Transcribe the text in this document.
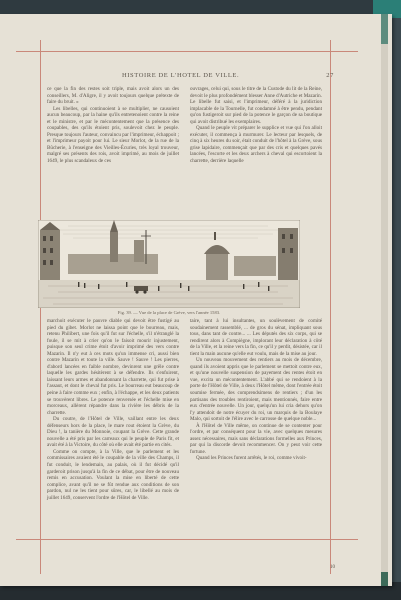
HISTOIRE DE L'HOTEL DE VILLE.	27

ce que la fin des restes soit triple, mais avoit alors un des conseillers, M. d'Aligre, il y avoit toujours quelque prétexte de faire du bruit. »

Les libelles, qui continuoient à se multiplier, ne causoient aucun beaucoup, par la haine qu'ils entretenoient contre la reine et le ministre, et par le mécontentement que la présence des coupables, des qu'ils étoient pris, soulevoit chez le peuple. Presque toujours l'auteur, convaincu par l'imprimeur, échappoit ; et l'imprimeur payoit pour lui. Le sieur Morlot, de la rue de la Bûcherie, à l'enseigne des Vieilles-Écuries, très loyal trouveur, malgré ses présents des rois, avoit imprimé, au mois de juillet 1649, le plus scandaleux de ces

ouvrages, celui qui, sous le titre de la Custode du lit de la Reine, devoit le plus profondément blesser Anne d'Autriche et Mazarin. Le libelle fut saisi, et l'imprimeur, déféré à la juridiction implacable de la Tournelle, fut condamné à être pendu, pendant qu'on fustigeroit sur pied de la potence le garçon de sa boutique qui avoit distribué les exemplaires.

Quand le peuple vit préparer le supplice et vue qui l'on alloit exécuter, il commença à murmurer. Le lecteur par lesquels, de cinq à six heures du soir, était conduit de l'hôtel à la Grève, sous grise lapidaire, commençait que par des cris et quelques pavés lancées, l'escorte et les deux archers à cheval qui escortoient la charrette, derrière laquelle

Fig. 39. — Vue de la place de Grève, vers l'année 1583.

marchoit exécuter le pauvre diable qui devoit être fustigé au pied du gibet. Morlot ne laissa point que le bourreau, mais, retenu Philibert, une fois qu'il fut sur l'échelle, s'il n'étranglé la foule, il se mit à crier qu'on le faisoit mourir injustement, puisque son seul crime étoit d'avoir imprimé des vers contre Mazarin. Il n'y eut à ces mots qu'un immense cri, aussi bien contre Mazarin et toute la ville. Sauve ! Sauve ! Les pierres, d'abord lancées en faible nombre, devinrent une grêle contre laquelle les gardes hésitèrent à se défendre. Ils s'enfuirent, laissant leurs armes et abandonnant la charrette, qui fut prise à l'assaut, et dont le cheval fut pris. Le bourreau eut beaucoup de peine à faire comme eux ; enfin, à l'échappe, et les deux patients se trouvèrent libres. Le potence renversée et l'échelle mise en morceaux, allèrent répandre dans la rivière les débris de la charrette.

Du coutre, de l'Hôtel de Ville, vaillant entre les deux défenseurs hors de la place, le mare rout étoient la Grève, du Dieu !, la tanière du Monnoie, coupant la Grève. Cette grande nouvelle a été pris par les carreaux qui le peuple de Paris fit, et avait été à la Victoire, du côté où elle avait été partie en cités.

Comme on compte, à la Ville, que le parlement et les commissaires avaient été le coupable de la ville des Champs, il fut conduit, le lendemain, au palais, où il fut décidé qu'il garderoit prison jusqu'à la fin de ce débat, pour être de nouveau remis en accusation. Voulant la mise en liberté de cette complice, avant qu'il ne se fût rendue aux conditions de son pardon, nul ne les tient pour sûres, car, le libellé au mois de juillet 1649, conservent l'ordre de l'Hôtel de Ville.

taire, tant à lui insultantes, un soulèvement de comité soudainement rassemblé, ... de gros du sénat, impliquant sous tous, dans tant de contre... ... Les députés des six corps, qui se rendirent alors à Compiègne, implorant leur déclaration à côté de la Ville, et la reine vers la fin, ce qu'il y perdit, désistée, car il tient la main aucune qu'elle eut voulu, mais de la mise au jour.

Un nouveau mouvement des rentiers au mois de décembre, quand ils avoient appris que le parlement se mettoit contre eux, et qu'une nouvelle suspension de payement des rentes étoit en vue, excita un mécontentement. L'abbé qui se rendoient à la porte de l'Hôtel de Ville, à deux l'Hôtel même, dont l'entrée étoit soumise fermée, des comprendsimens de rentiers ; d'un les partisans des troubles rentiroient, mais mentionnés, faire entre eux d'entrée nouvelle. Un jour, quelqu'un lui cria dehors qu'on l'y attendoit de notre écuyer du roi, un marquis de la Boulaye Malo, qui sortoit de l'élire avec le carrosse de quelque noble...

À l'Hôtel de Ville même, on continue de se contenter pour l'ordre, et par conséquent pour la vie, avec quelques mesures assez nécessaires, mais sans déclarations formelles aux Princes, par qui la discorde devoit recommencer. On y peut voir cette fortune.

Quand les Princes furent arrêtés, le roi, comme vivoit-

10
